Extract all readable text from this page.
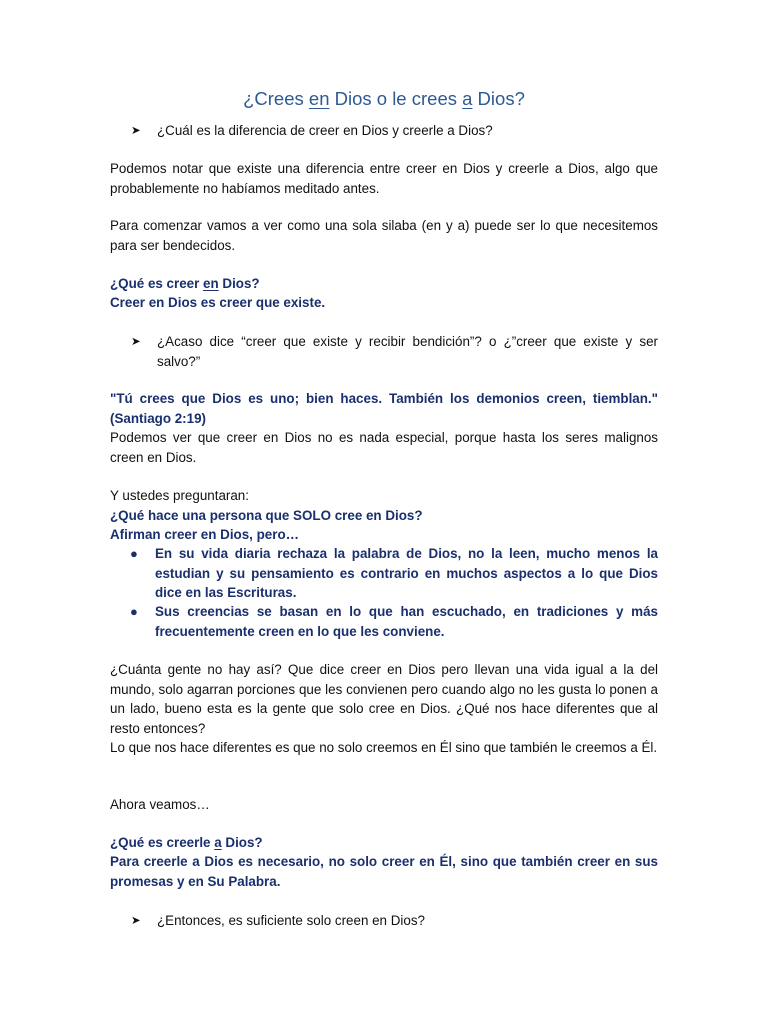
¿Crees en Dios o le crees a Dios?
➤ ¿Cuál es la diferencia de creer en Dios y creerle a Dios?
Podemos notar que existe una diferencia entre creer en Dios y creerle a Dios, algo que probablemente no habíamos meditado antes.
Para comenzar vamos a ver como una sola silaba (en y a) puede ser lo que necesitemos para ser bendecidos.
¿Qué es creer en Dios?
Creer en Dios es creer que existe.
➤ ¿Acaso dice “creer que existe y recibir bendición”? o ¿”creer que existe y ser salvo?”
"Tú crees que Dios es uno; bien haces. También los demonios creen, tiemblan." (Santiago 2:19)
Podemos ver que creer en Dios no es nada especial, porque hasta los seres malignos creen en Dios.
Y ustedes preguntaran:
¿Qué hace una persona que SOLO cree en Dios?
Afirman creer en Dios, pero…
● En su vida diaria rechaza la palabra de Dios, no la leen, mucho menos la estudian y su pensamiento es contrario en muchos aspectos a lo que Dios dice en las Escrituras.
● Sus creencias se basan en lo que han escuchado, en tradiciones y más frecuentemente creen en lo que les conviene.
¿Cuánta gente no hay así? Que dice creer en Dios pero llevan una vida igual a la del mundo, solo agarran porciones que les convienen pero cuando algo no les gusta lo ponen a un lado, bueno esta es la gente que solo cree en Dios. ¿Qué nos hace diferentes que al resto entonces?
Lo que nos hace diferentes es que no solo creemos en Él sino que también le creemos a Él.
Ahora veamos…
¿Qué es creerle a Dios?
Para creerle a Dios es necesario, no solo creer en Él, sino que también creer en sus promesas y en Su Palabra.
➤ ¿Entonces, es suficiente solo creen en Dios?
